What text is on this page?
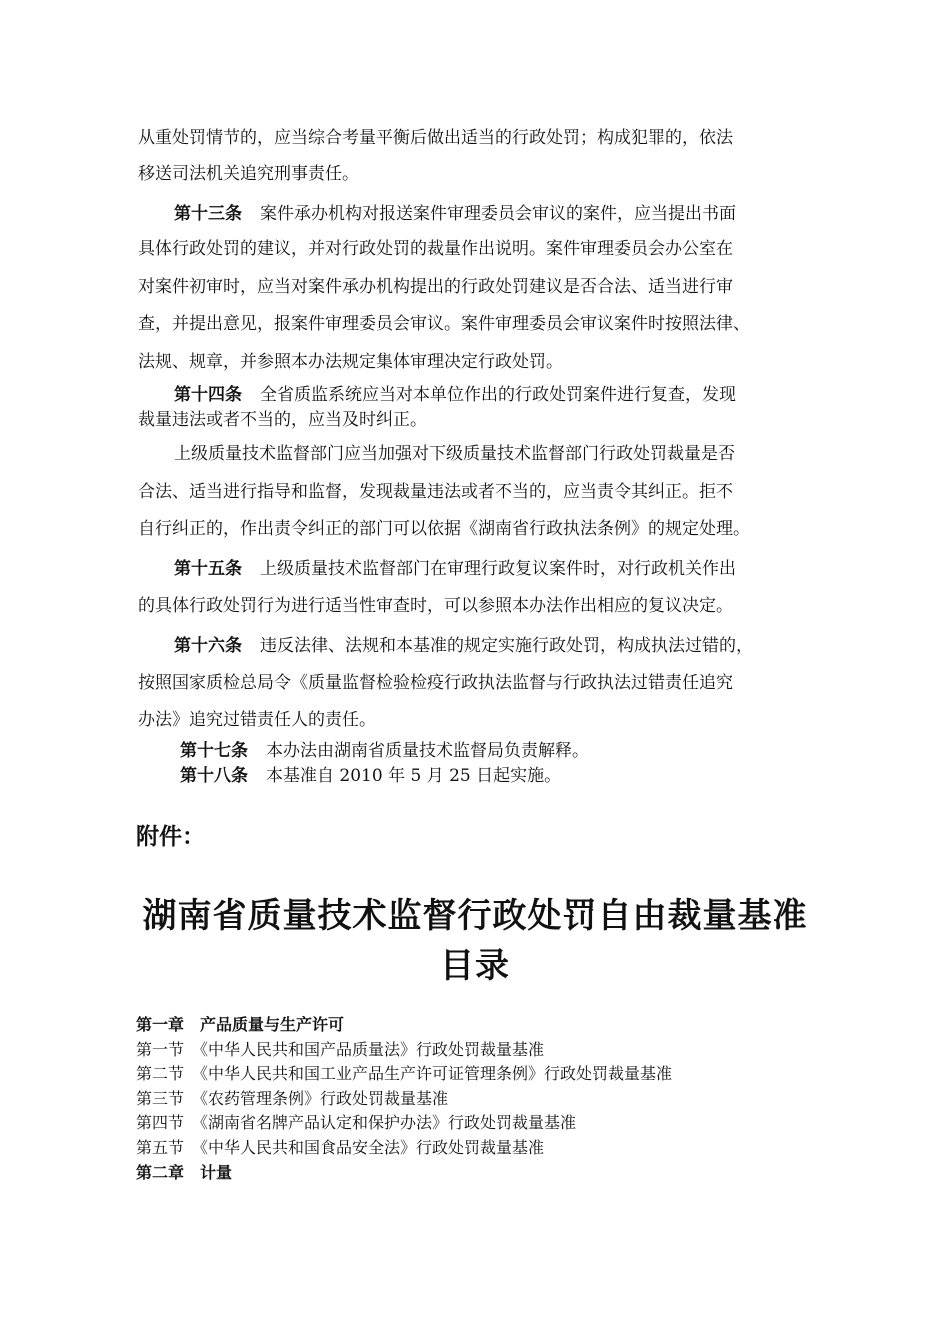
从重处罚情节的，应当综合考量平衡后做出适当的行政处罚；构成犯罪的，依法
移送司法机关追究刑事责任。
第十三条 案件承办机构对报送案件审理委员会审议的案件，应当提出书面
具体行政处罚的建议，并对行政处罚的裁量作出说明。案件审理委员会办公室在
对案件初审时，应当对案件承办机构提出的行政处罚建议是否合法、适当进行审
查，并提出意见，报案件审理委员会审议。案件审理委员会审议案件时按照法律、
法规、规章，并参照本办法规定集体审理决定行政处罚。
第十四条 全省质监系统应当对本单位作出的行政处罚案件进行复查，发现
裁量违法或者不当的，应当及时纠正。
上级质量技术监督部门应当加强对下级质量技术监督部门行政处罚裁量是否
合法、适当进行指导和监督，发现裁量违法或者不当的，应当责令其纠正。拒不
自行纠正的，作出责令纠正的部门可以依据《湖南省行政执法条例》的规定处理。
第十五条 上级质量技术监督部门在审理行政复议案件时，对行政机关作出
的具体行政处罚行为进行适当性审查时，可以参照本办法作出相应的复议决定。
第十六条 违反法律、法规和本基准的规定实施行政处罚，构成执法过错的，
按照国家质检总局令《质量监督检验检疫行政执法监督与行政执法过错责任追究
办法》追究过错责任人的责任。
第十七条 本办法由湖南省质量技术监督局负责解释。
第十八条 本基准自 2010 年 5 月 25 日起实施。
附件：
湖南省质量技术监督行政处罚自由裁量基准
目录
第一章　产品质量与生产许可
第一节　《中华人民共和国产品质量法》行政处罚裁量基准
第二节　《中华人民共和国工业产品生产许可证管理条例》行政处罚裁量基准
第三节　《农药管理条例》行政处罚裁量基准
第四节　《湖南省名牌产品认定和保护办法》行政处罚裁量基准
第五节　《中华人民共和国食品安全法》行政处罚裁量基准
第二章　计量
